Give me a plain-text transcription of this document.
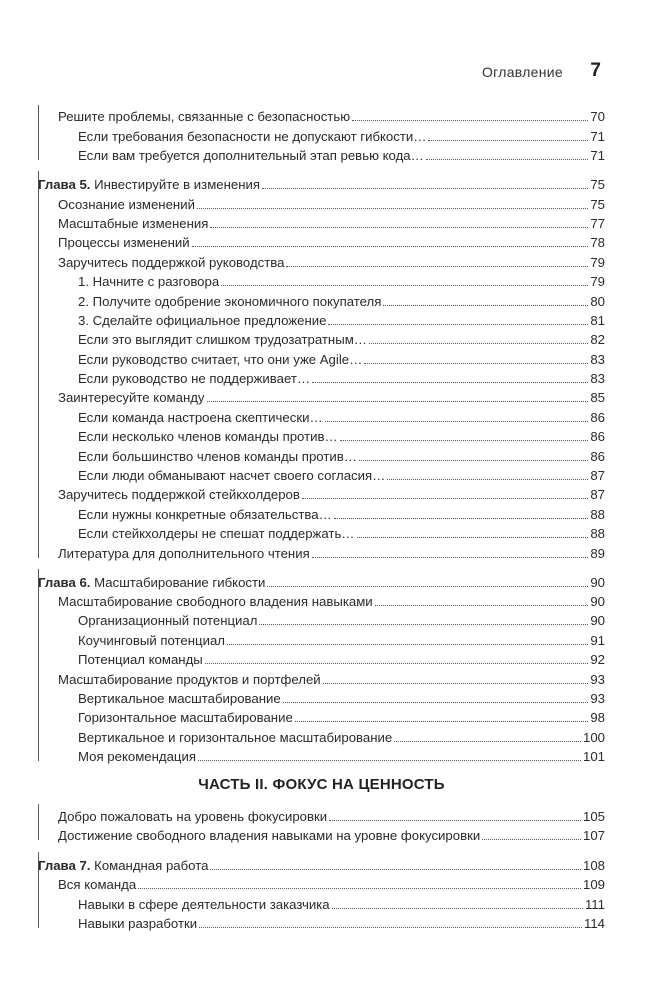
Оглавление 7
Решите проблемы, связанные с безопасностью	70
Если требования безопасности не допускают гибкости…	71
Если вам требуется дополнительный этап ревью кода…	71
Глава 5. Инвестируйте в изменения	75
Осознание изменений	75
Масштабные изменения	77
Процессы изменений	78
Заручитесь поддержкой руководства	79
1. Начните с разговора	79
2. Получите одобрение экономичного покупателя	80
3. Сделайте официальное предложение	81
Если это выглядит слишком трудозатратным…	82
Если руководство считает, что они уже Agile…	83
Если руководство не поддерживает…	83
Заинтересуйте команду	85
Если команда настроена скептически…	86
Если несколько членов команды против…	86
Если большинство членов команды против…	86
Если люди обманывают насчет своего согласия…	87
Заручитесь поддержкой стейкхолдеров	87
Если нужны конкретные обязательства…	88
Если стейкхолдеры не спешат поддержать…	88
Литература для дополнительного чтения	89
Глава 6. Масштабирование гибкости	90
Масштабирование свободного владения навыками	90
Организационный потенциал	90
Коучинговый потенциал	91
Потенциал команды	92
Масштабирование продуктов и портфелей	93
Вертикальное масштабирование	93
Горизонтальное масштабирование	98
Вертикальное и горизонтальное масштабирование	100
Моя рекомендация	101
ЧАСТЬ II. ФОКУС НА ЦЕННОСТЬ
Добро пожаловать на уровень фокусировки	105
Достижение свободного владения навыками на уровне фокусировки	107
Глава 7. Командная работа	108
Вся команда	109
Навыки в сфере деятельности заказчика	111
Навыки разработки	114
